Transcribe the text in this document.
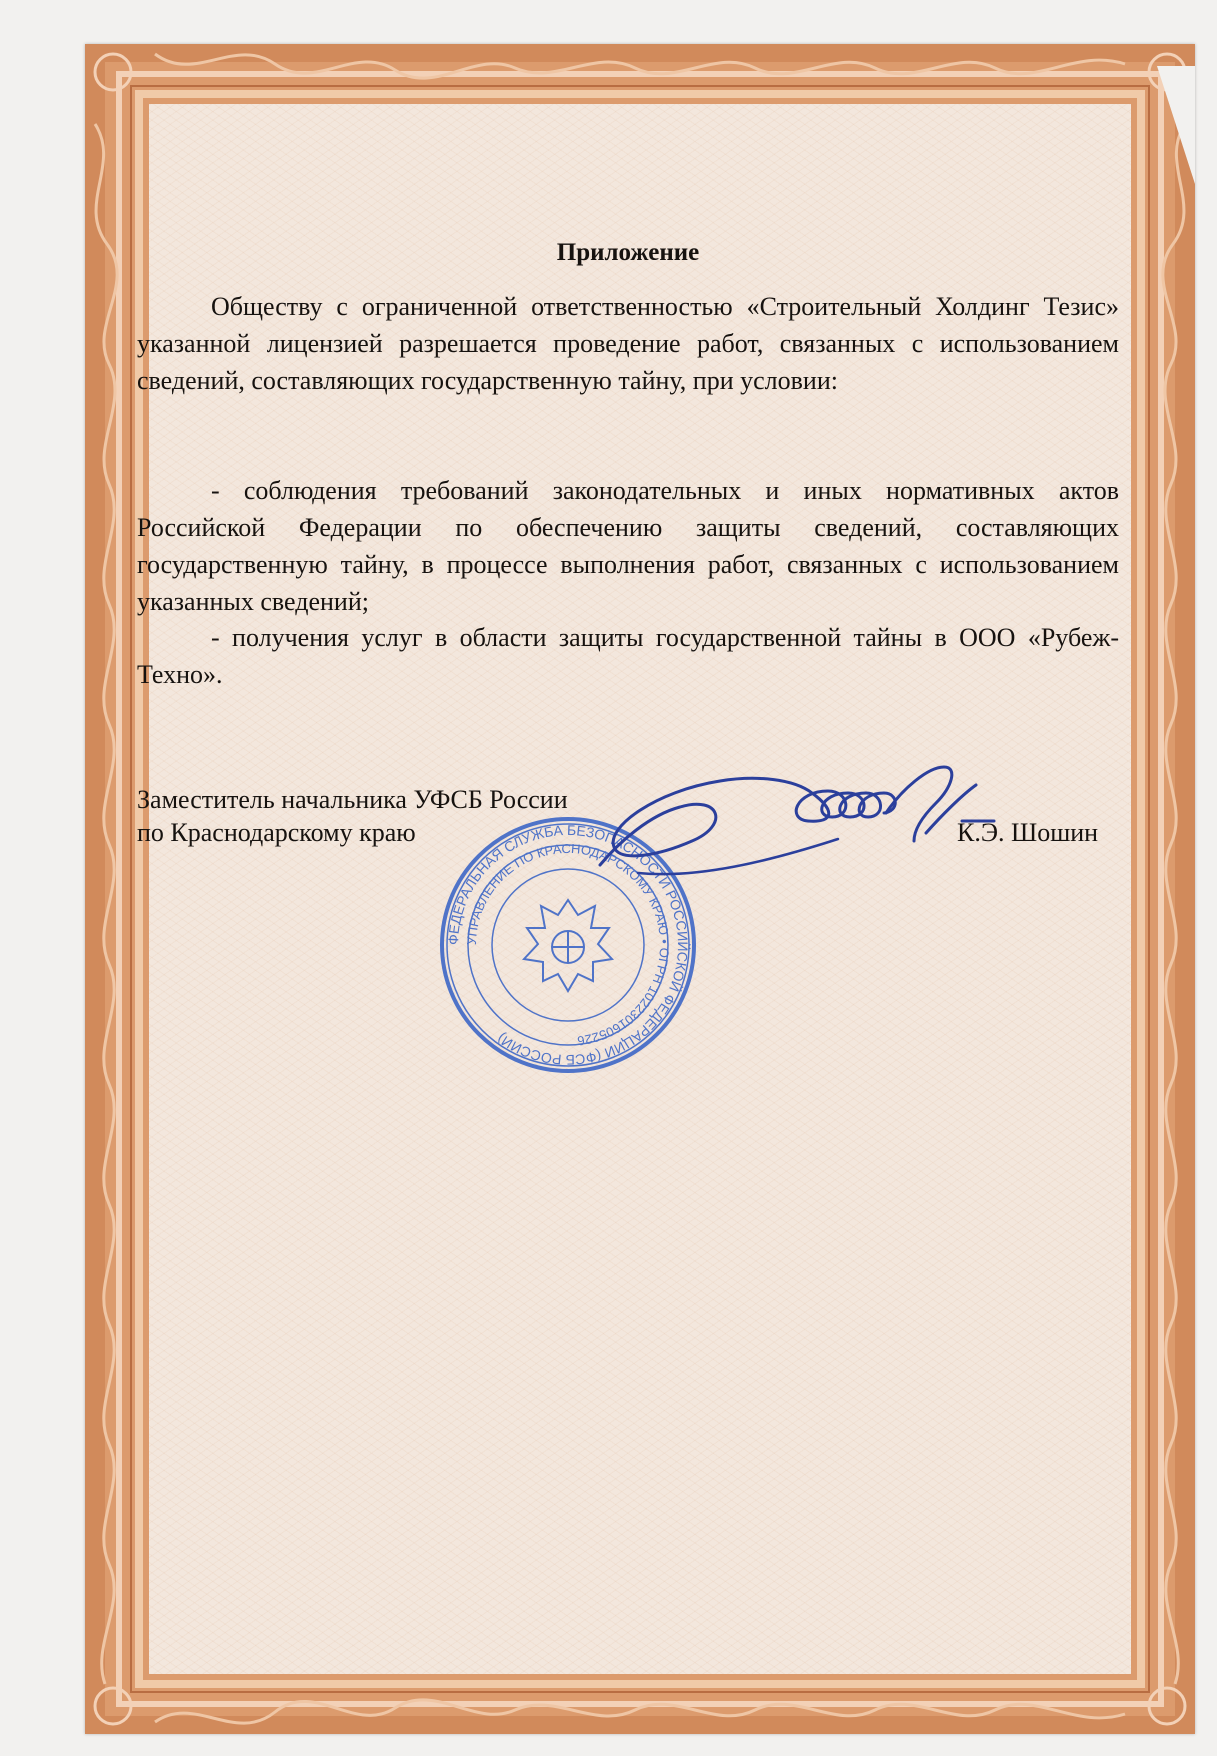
Приложение
Обществу с ограниченной ответственностью «Строительный Холдинг Тезис» указанной лицензией разрешается проведение работ, связанных с использованием сведений, составляющих государственную тайну, при условии:
- соблюдения требований законодательных и иных нормативных актов Российской Федерации по обеспечению защиты сведений, составляющих государственную тайну, в процессе выполнения работ, связанных с использованием указанных сведений;
- получения услуг в области защиты государственной тайны в ООО «Рубеж-Техно».
Заместитель начальника УФСБ России
по Краснодарскому краю	К.Э. Шошин
ФЕДЕРАЛЬНАЯ СЛУЖБА БЕЗОПАСНОСТИ РОССИЙСКОЙ ФЕДЕРАЦИИ (ФСБ РОССИИ)
УПРАВЛЕНИЕ ПО КРАСНОДАРСКОМУ КРАЮ • ОГРН 1022301605226
